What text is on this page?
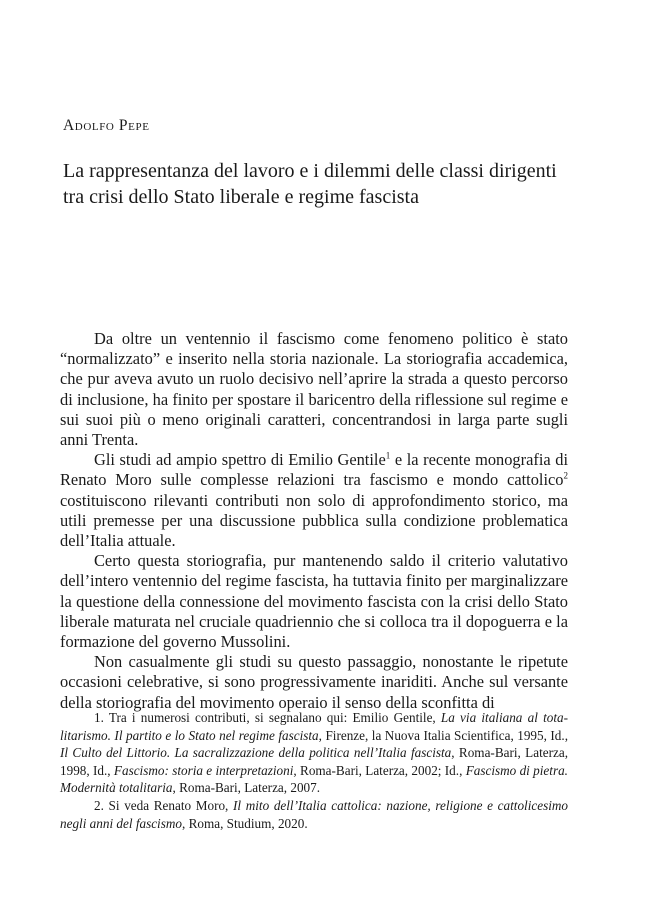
Adolfo Pepe
La rappresentanza del lavoro e i dilemmi delle classi dirigenti
tra crisi dello Stato liberale e regime fascista

Da oltre un ventennio il fascismo come fenomeno politico è stato “normalizzato” e inserito nella storia nazionale. La storiografia accademica, che pur aveva avuto un ruolo decisivo nell’aprire la strada a questo percorso di inclusione, ha finito per spostare il baricentro della riflessione sul regime e sui suoi più o meno originali caratteri, concentrandosi in larga parte sugli anni Trenta.

Gli studi ad ampio spettro di Emilio Gentile$^1$ e la recente monografia di Renato Moro sulle complesse relazioni tra fascismo e mondo cattolico$^2$ costituiscono rilevanti contributi non solo di approfondimento storico, ma utili premesse per una discussione pubblica sulla condizione problematica dell’Italia attuale.

Certo questa storiografia, pur mantenendo saldo il criterio valutativo dell’intero ventennio del regime fascista, ha tuttavia finito per marginalizzare la questione della connessione del movimento fascista con la crisi dello Stato liberale maturata nel cruciale quadriennio che si colloca tra il dopoguerra e la formazione del governo Mussolini.

Non casualmente gli studi su questo passaggio, nonostante le ripetute occasioni celebrative, si sono progressivamente inariditi. Anche sul versante della storiografia del movimento operaio il senso della sconfitta di

1. Tra i numerosi contributi, si segnalano qui: Emilio Gentile, La via italiana al totalitarismo. Il partito e lo Stato nel regime fascista, Firenze, la Nuova Italia Scientifica, 1995, Id., Il Culto del Littorio. La sacralizzazione della politica nell’Italia fascista, Roma-Bari, Laterza, 1998, Id., Fascismo: storia e interpretazioni, Roma-Bari, Laterza, 2002; Id., Fascismo di pietra. Modernità totalitaria, Roma-Bari, Laterza, 2007.

2. Si veda Renato Moro, Il mito dell’Italia cattolica: nazione, religione e cattolicesimo negli anni del fascismo, Roma, Studium, 2020.
